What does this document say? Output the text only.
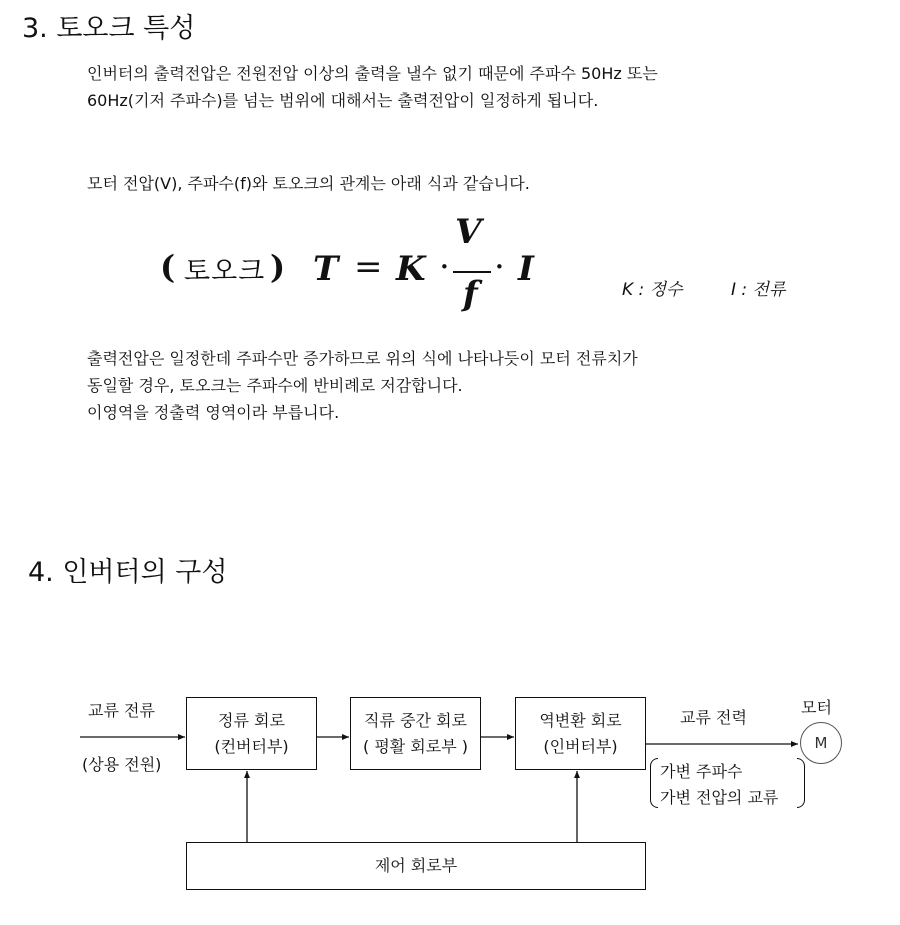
3. 토오크 특성
인버터의 출력전압은 전원전압 이상의 출력을 낼수 없기 때문에 주파수 50Hz 또는
60Hz(기저 주파수)를 넘는 범위에 대해서는 출력전압이 일정하게 됩니다.
모터 전압(V), 주파수(f)와 토오크의 관계는 아래 식과 같습니다.
( 토오크 ) T = K ·
V
f
· I
K : 정수	I : 전류
출력전압은 일정한데 주파수만 증가하므로 위의 식에 나타나듯이 모터 전류치가
동일할 경우, 토오크는 주파수에 반비례로 저감합니다.
이영역을 정출력 영역이라 부릅니다.
4. 인버터의 구성
교류 전류
(상용 전원)
정류 회로
(컨버터부)
직류 중간 회로
( 평활 회로부 )
역변환 회로
(인버터부)
교류 전력
모터
M
가변 주파수
가변 전압의 교류
제어 회로부
